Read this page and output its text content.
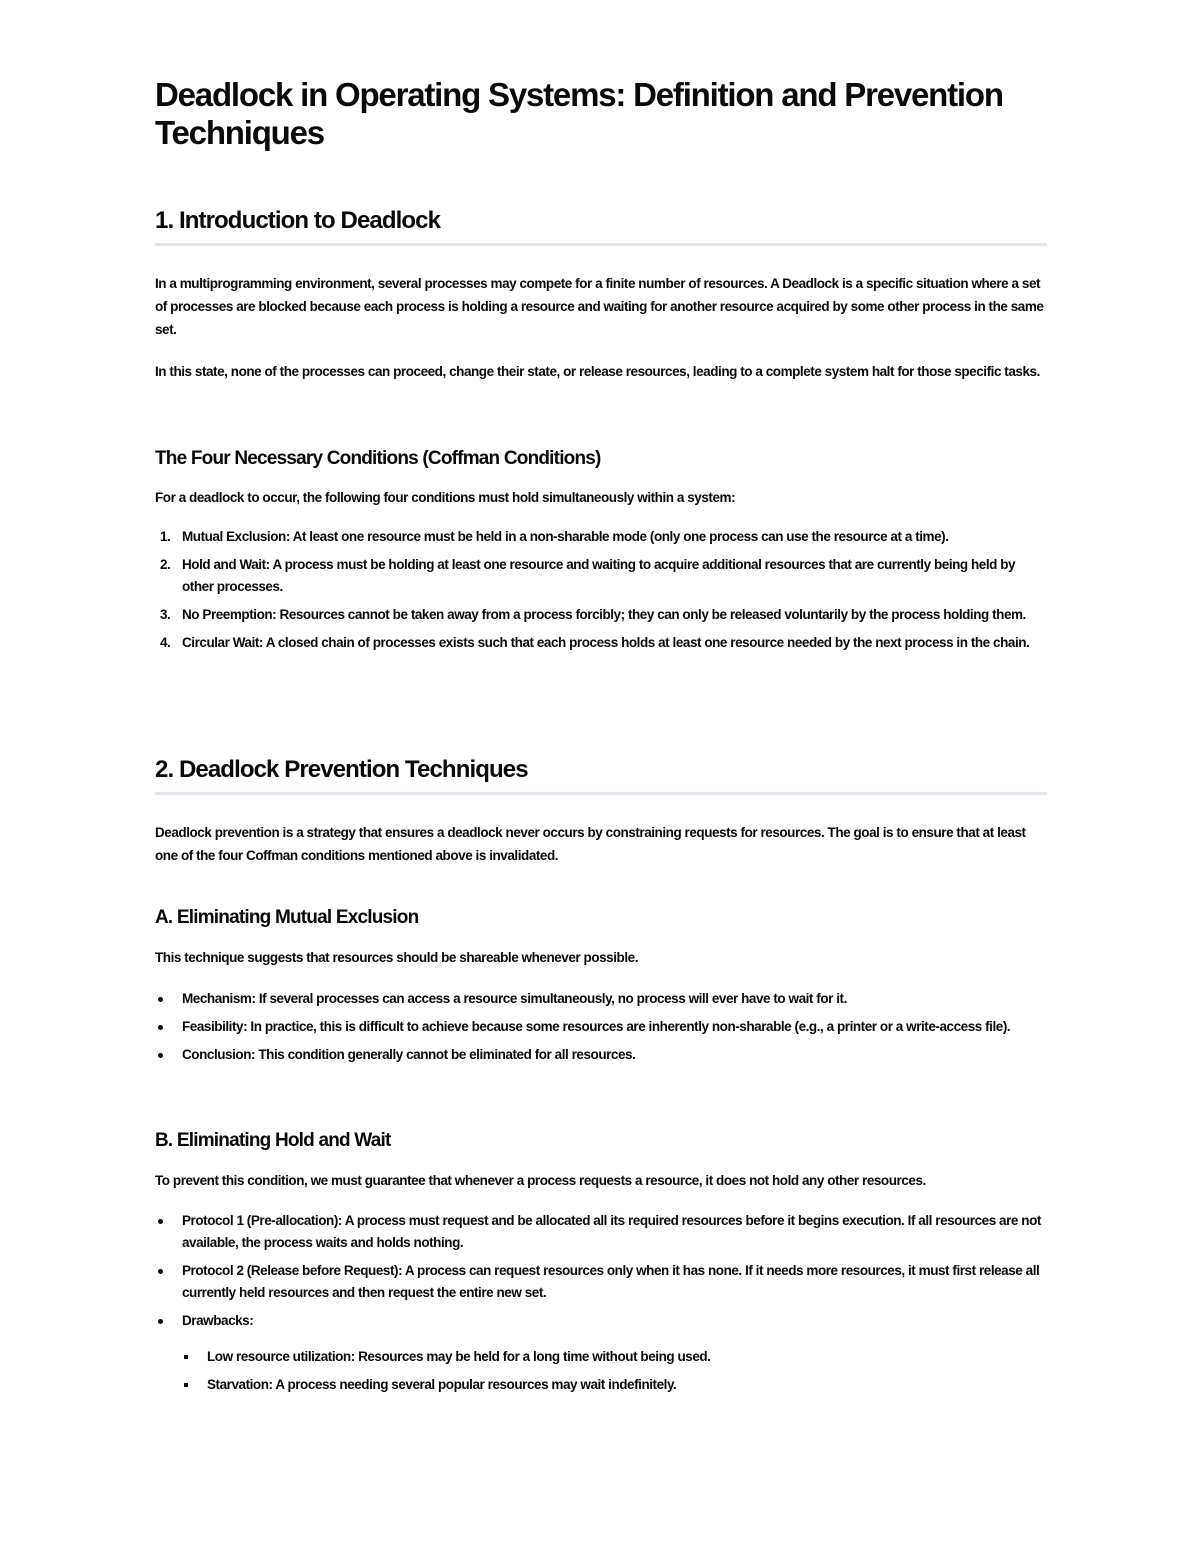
Deadlock in Operating Systems: Definition and Prevention Techniques
1. Introduction to Deadlock

In a multiprogramming environment, several processes may compete for a finite number of resources. A Deadlock is a specific situation where a set of processes are blocked because each process is holding a resource and waiting for another resource acquired by some other process in the same set.

In this state, none of the processes can proceed, change their state, or release resources, leading to a complete system halt for those specific tasks.

The Four Necessary Conditions (Coffman Conditions)

For a deadlock to occur, the following four conditions must hold simultaneously within a system:

1. Mutual Exclusion: At least one resource must be held in a non-sharable mode (only one process can use the resource at a time).
2. Hold and Wait: A process must be holding at least one resource and waiting to acquire additional resources that are currently being held by other processes.
3. No Preemption: Resources cannot be taken away from a process forcibly; they can only be released voluntarily by the process holding them.
4. Circular Wait: A closed chain of processes exists such that each process holds at least one resource needed by the next process in the chain.
2. Deadlock Prevention Techniques

Deadlock prevention is a strategy that ensures a deadlock never occurs by constraining requests for resources. The goal is to ensure that at least one of the four Coffman conditions mentioned above is invalidated.

A. Eliminating Mutual Exclusion

This technique suggests that resources should be shareable whenever possible.

Mechanism: If several processes can access a resource simultaneously, no process will ever have to wait for it.
Feasibility: In practice, this is difficult to achieve because some resources are inherently non-sharable (e.g., a printer or a write-access file).
Conclusion: This condition generally cannot be eliminated for all resources.
B. Eliminating Hold and Wait

To prevent this condition, we must guarantee that whenever a process requests a resource, it does not hold any other resources.

Protocol 1 (Pre-allocation): A process must request and be allocated all its required resources before it begins execution. If all resources are not available, the process waits and holds nothing.
Protocol 2 (Release before Request): A process can request resources only when it has none. If it needs more resources, it must first release all currently held resources and then request the entire new set.
Drawbacks:
Low resource utilization: Resources may be held for a long time without being used.
Starvation: A process needing several popular resources may wait indefinitely.
